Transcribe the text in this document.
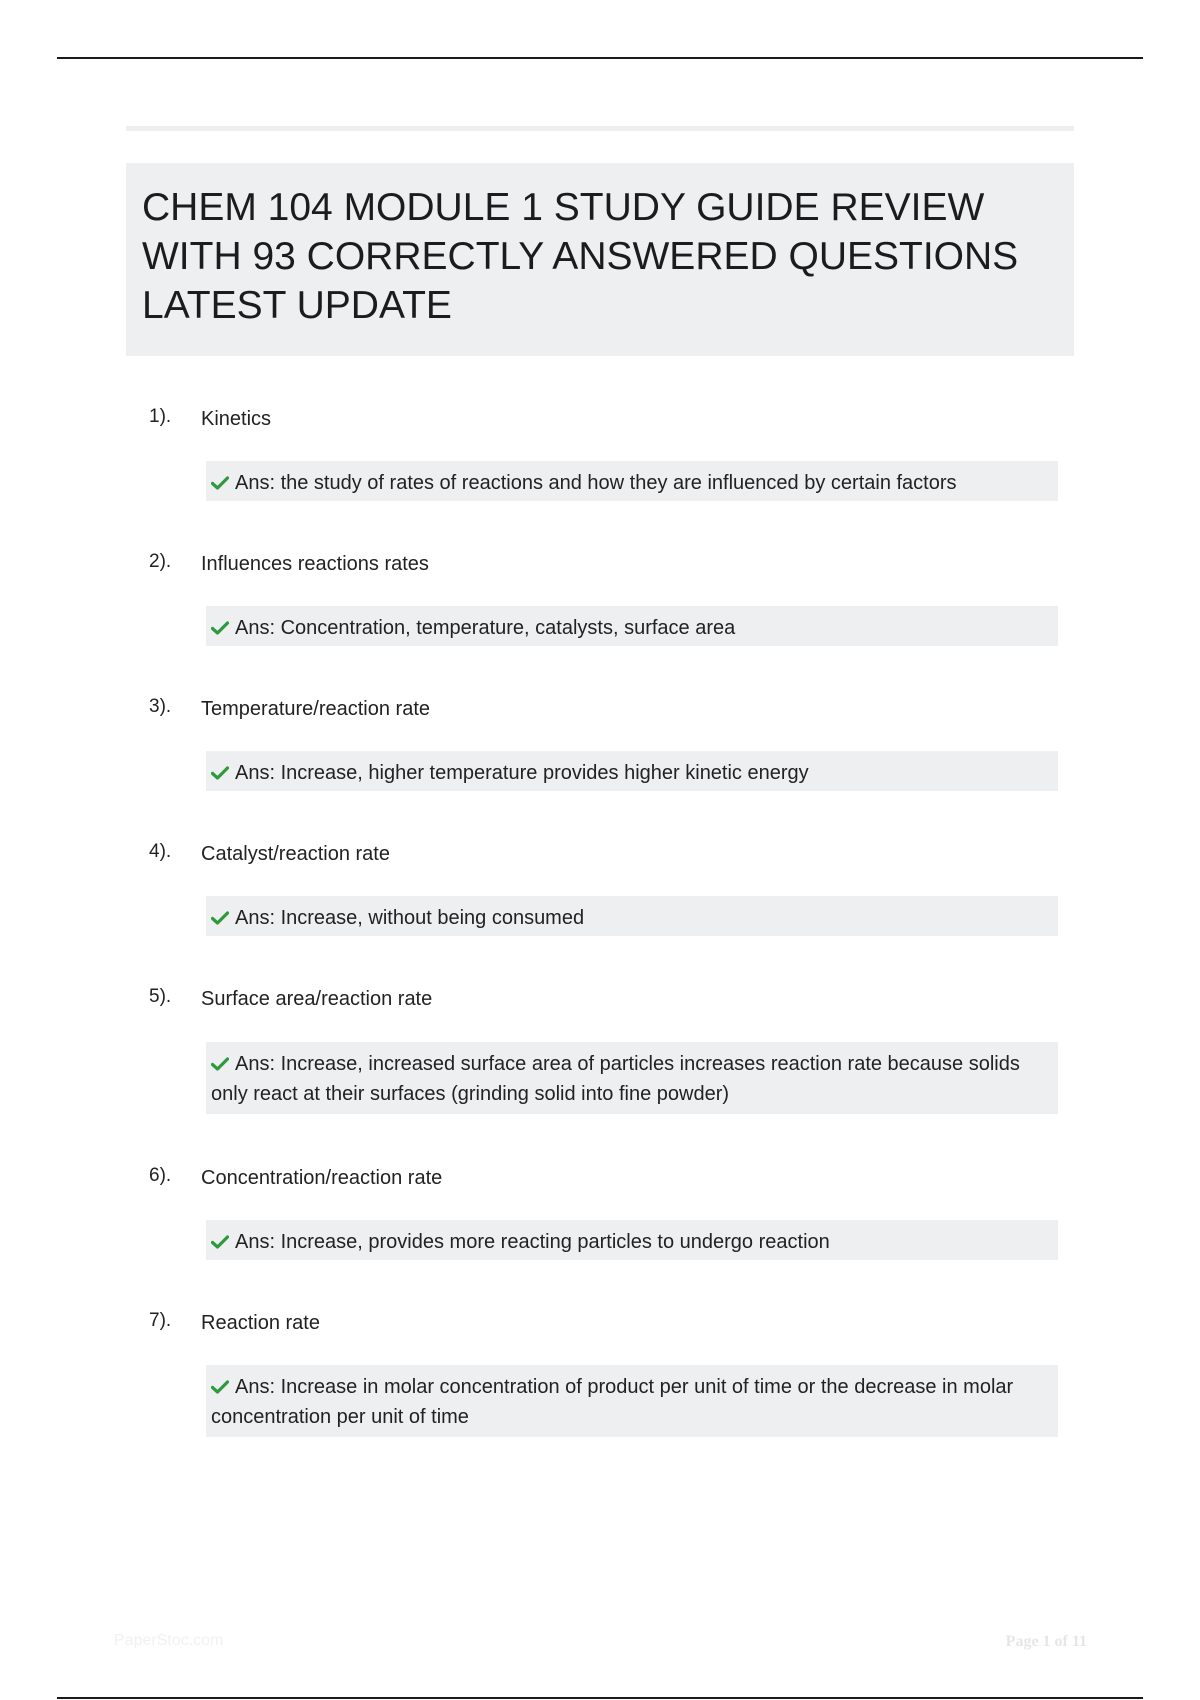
CHEM 104 MODULE 1 STUDY GUIDE REVIEW
WITH 93 CORRECTLY ANSWERED QUESTIONS
LATEST UPDATE
1). Kinetics
Ans: the study of rates of reactions and how they are influenced by certain factors
2). Influences reactions rates
Ans: Concentration, temperature, catalysts, surface area
3). Temperature/reaction rate
Ans: Increase, higher temperature provides higher kinetic energy
4). Catalyst/reaction rate
Ans: Increase, without being consumed
5). Surface area/reaction rate
Ans: Increase, increased surface area of particles increases reaction rate because solids only react at their surfaces (grinding solid into fine powder)
6). Concentration/reaction rate
Ans: Increase, provides more reacting particles to undergo reaction
7). Reaction rate
Ans: Increase in molar concentration of product per unit of time or the decrease in molar concentration per unit of time
PaperStoc.com	Page 1 of 11
